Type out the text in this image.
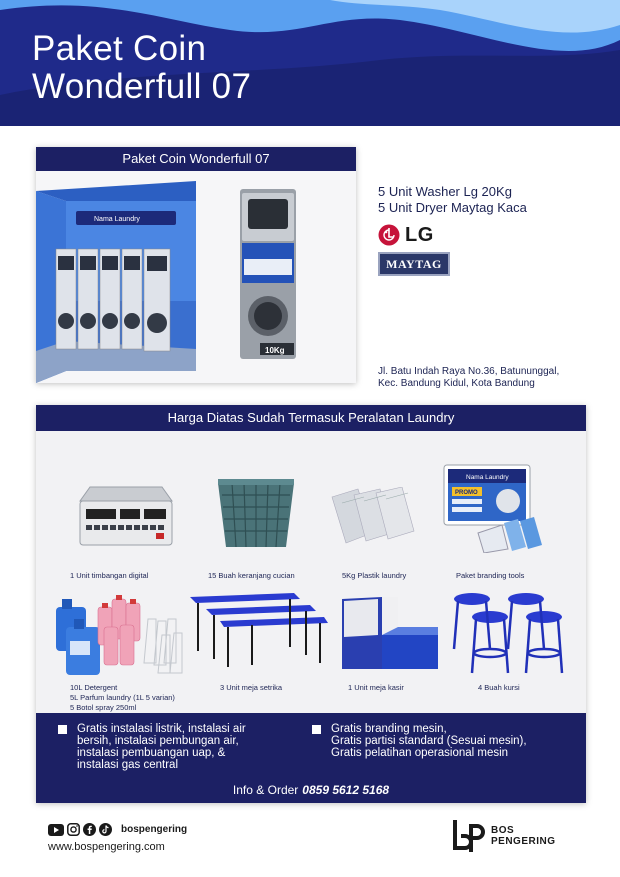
Paket Coin
Wonderfull 07
Paket Coin Wonderfull 07
Nama Laundry
10Kg
5 Unit Washer Lg 20Kg
5 Unit Dryer Maytag Kaca
LG
MAYTAG
Jl. Batu Indah Raya No.36, Batununggal,
Kec. Bandung Kidul, Kota Bandung
Harga Diatas Sudah Termasuk Peralatan Laundry
1 Unit timbangan digital	15 Buah keranjang cucian	5Kg Plastik laundry
Nama Laundry
PROMO
Paket branding tools
10L Detergent
5L Parfum laundry (1L 5 varian)
5 Botol spray 250ml
3 Unit meja setrika	1 Unit meja kasir	4 Buah kursi
Gratis instalasi listrik, instalasi air
bersih, instalasi pembungan air,
instalasi pembuangan uap, &
instalasi gas central
Gratis branding mesin,
Gratis partisi standard (Sesuai mesin),
Gratis pelatihan operasional mesin
Info & Order 0859 5612 5168
bospengering
www.bospengering.com
BOS
PENGERING
